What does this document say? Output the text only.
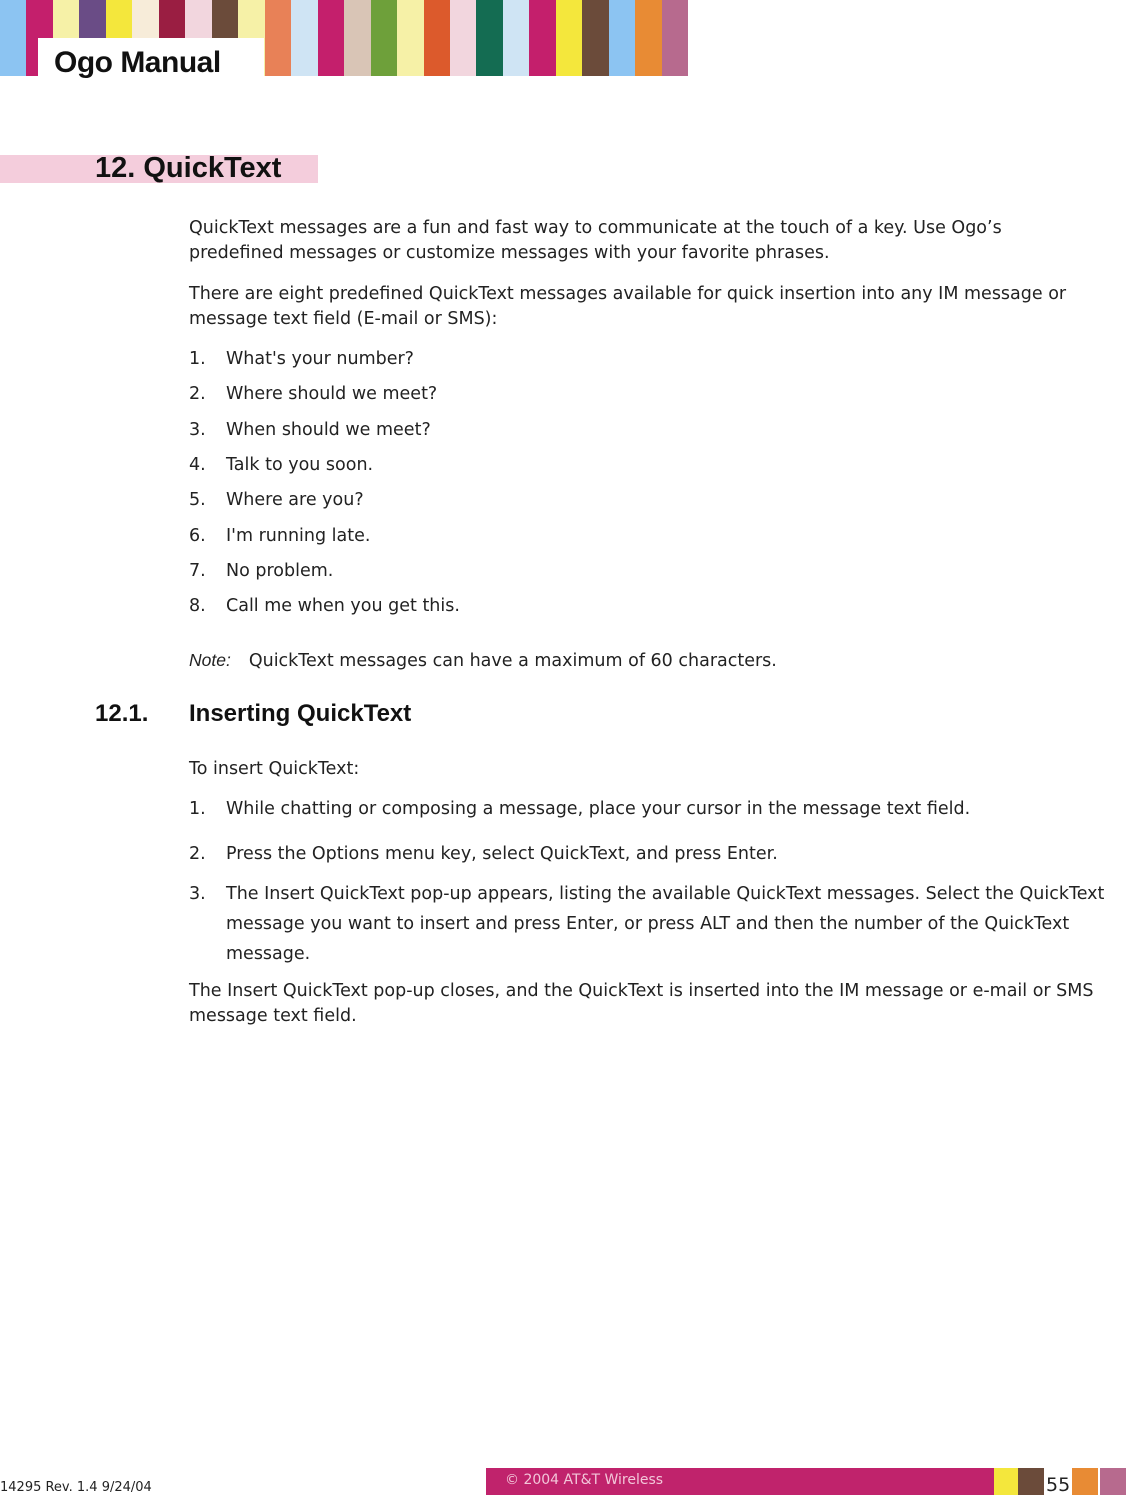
Ogo Manual
12. QuickText

QuickText messages are a fun and fast way to communicate at the touch of a key. Use Ogo’s predefined messages or customize messages with your favorite phrases.

There are eight predefined QuickText messages available for quick insertion into any IM message or message text field (E-mail or SMS):

1. What's your number?
2. Where should we meet?
3. When should we meet?
4. Talk to you soon.
5. Where are you?
6. I'm running late.
7. No problem.
8. Call me when you get this.

Note: QuickText messages can have a maximum of 60 characters.

12.1. Inserting QuickText

To insert QuickText:

1. While chatting or composing a message, place your cursor in the message text field.
2. Press the Options menu key, select QuickText, and press Enter.
3. The Insert QuickText pop-up appears, listing the available QuickText messages. Select the QuickText message you want to insert and press Enter, or press ALT and then the number of the QuickText message.

The Insert QuickText pop-up closes, and the QuickText is inserted into the IM message or e-mail or SMS message text field.

14295 Rev. 1.4 9/24/04	© 2004 AT&T Wireless	55
